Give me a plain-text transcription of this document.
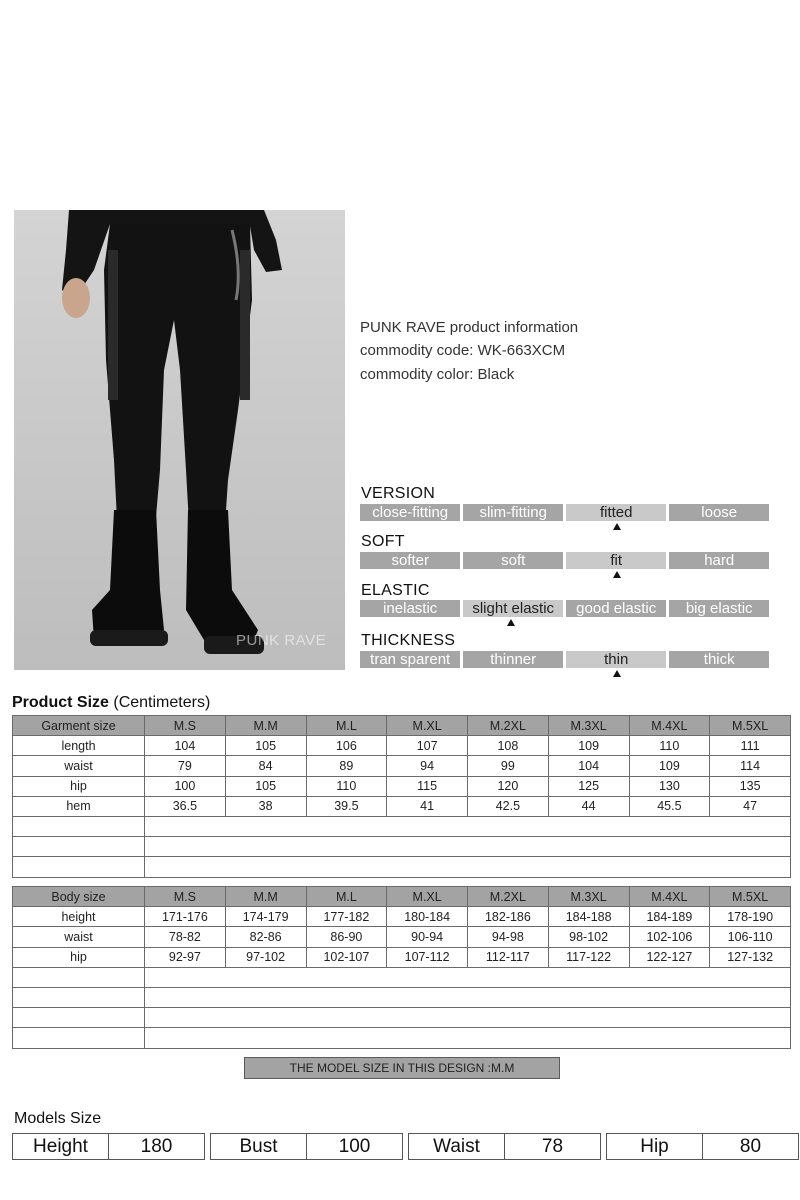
PUNK RAVE
PUNK RAVE product information
commodity code: WK-663XCM
commodity color: Black
VERSION
close-fitting	slim-fitting	fitted	loose
SOFT
softer	soft	fit	hard
ELASTIC
inelastic	slight elastic	good elastic	big elastic
THICKNESS
tran sparent	thinner	thin	thick
Product Size (Centimeters)
Garment size	M.S	M.M	M.L	M.XL	M.2XL	M.3XL	M.4XL	M.5XL
length	104	105	106	107	108	109	110	111
waist	79	84	89	94	99	104	109	114
hip	100	105	110	115	120	125	130	135
hem	36.5	38	39.5	41	42.5	44	45.5	47

Body size	M.S	M.M	M.L	M.XL	M.2XL	M.3XL	M.4XL	M.5XL
height	171-176	174-179	177-182	180-184	182-186	184-188	184-189	178-190
waist	78-82	82-86	86-90	90-94	94-98	98-102	102-106	106-110
hip	92-97	97-102	102-107	107-112	112-117	117-122	122-127	127-132

THE MODEL SIZE IN THIS DESIGN :M.M
Models Size
Height	180	Bust	100	Waist	78	Hip	80
